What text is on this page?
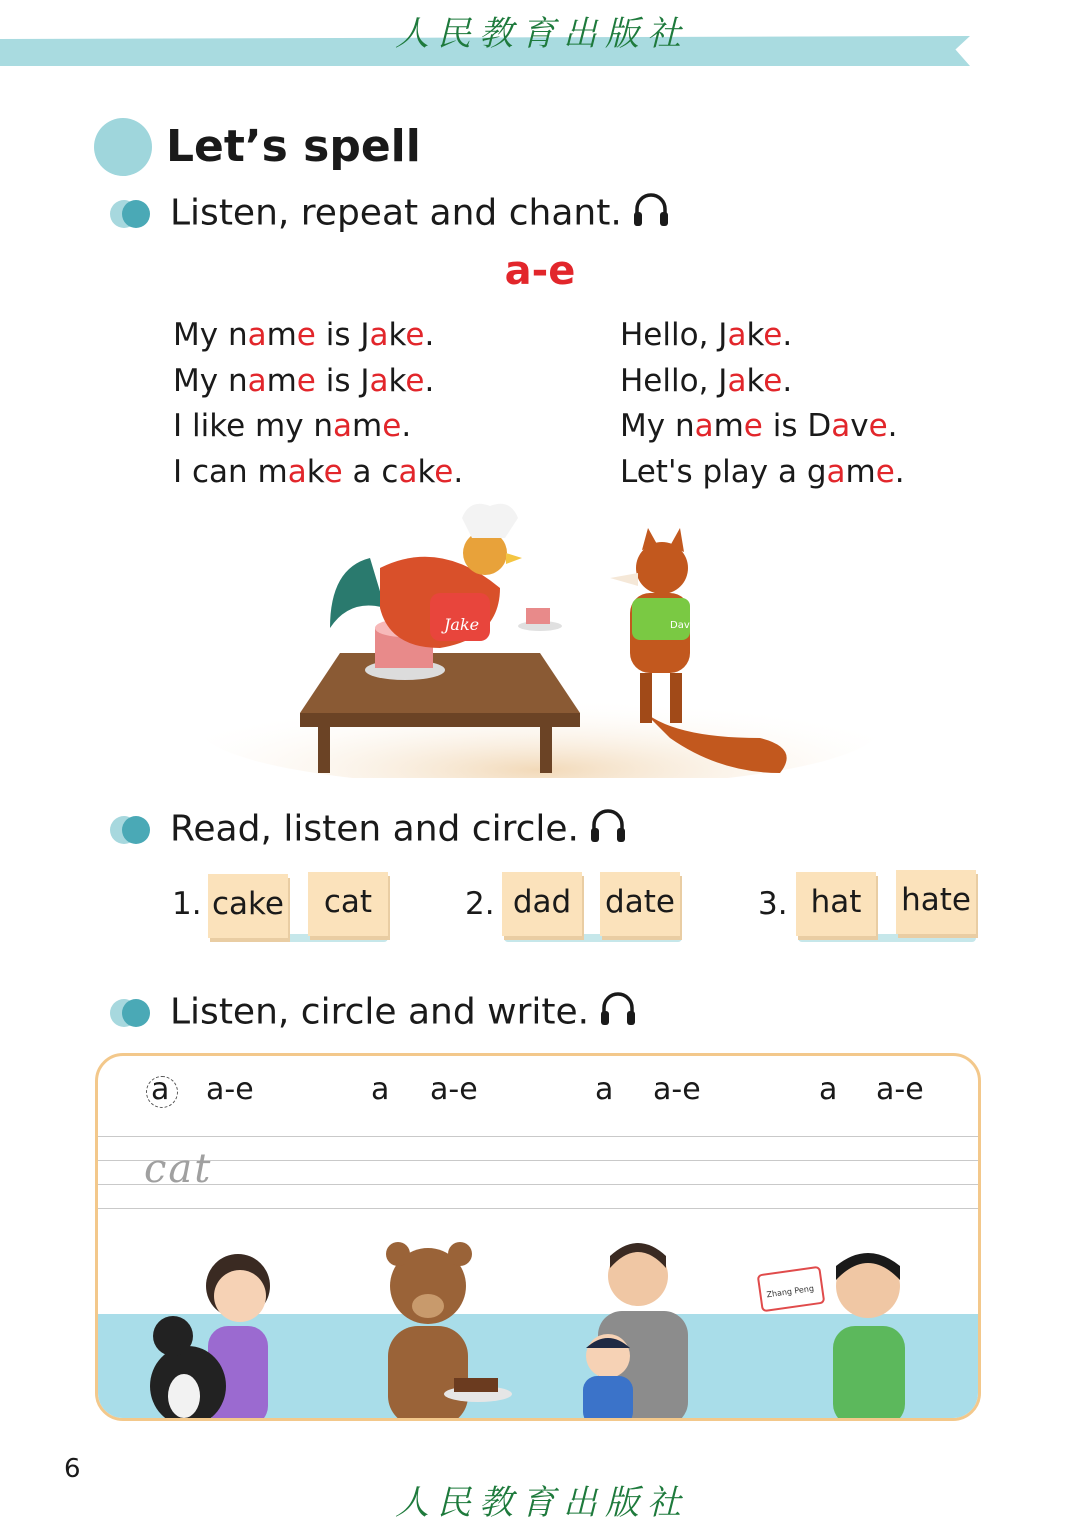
人民教育出版社
Let’s spell
Listen, repeat and chant.
a-e
My name is Jake.
My name is Jake.
I like my name.
I can make a cake.
Hello, Jake.
Hello, Jake.
My name is Dave.
Let's play a game.
Jake	Dave
Read, listen and circle.
1. cake	cat	2. dad	date	3. hat	hate
Listen, circle and write.
a a-e	a a-e	a a-e	a a-e
cat
Zhang Peng
6
人民教育出版社
